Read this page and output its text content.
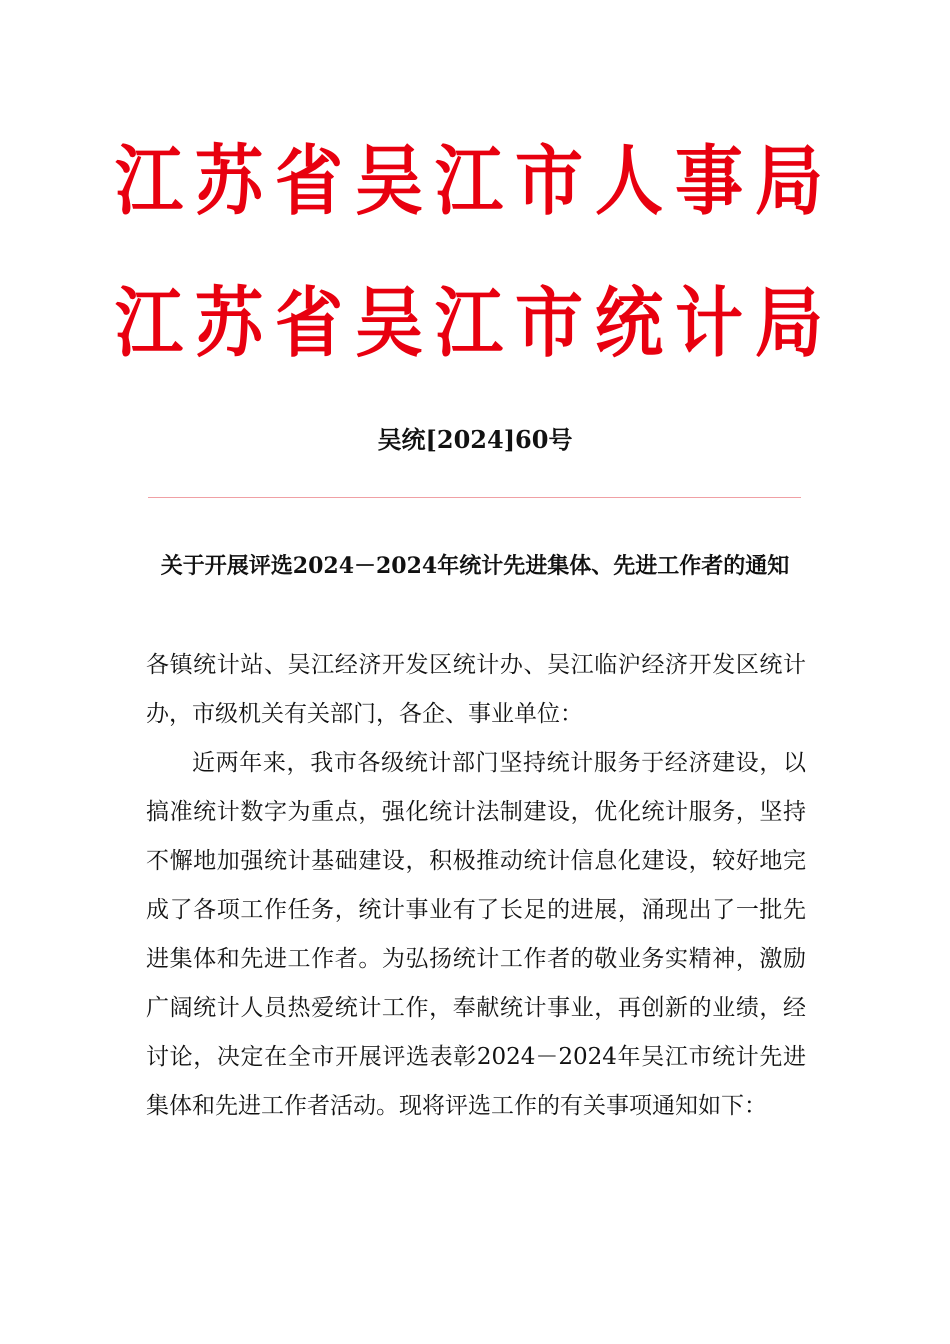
江苏省吴江市人事局
江苏省吴江市统计局
吴统[2024]60号
关于开展评选2024－2024年统计先进集体、先进工作者的通知

各镇统计站、吴江经济开发区统计办、吴江临沪经济开发区统计办，市级机关有关部门，各企、事业单位：

近两年来，我市各级统计部门坚持统计服务于经济建设，以搞准统计数字为重点，强化统计法制建设，优化统计服务，坚持不懈地加强统计基础建设，积极推动统计信息化建设，较好地完成了各项工作任务，统计事业有了长足的进展，涌现出了一批先进集体和先进工作者。为弘扬统计工作者的敬业务实精神，激励广阔统计人员热爱统计工作，奉献统计事业，再创新的业绩，经讨论，决定在全市开展评选表彰2024－2024年吴江市统计先进集体和先进工作者活动。现将评选工作的有关事项通知如下：
